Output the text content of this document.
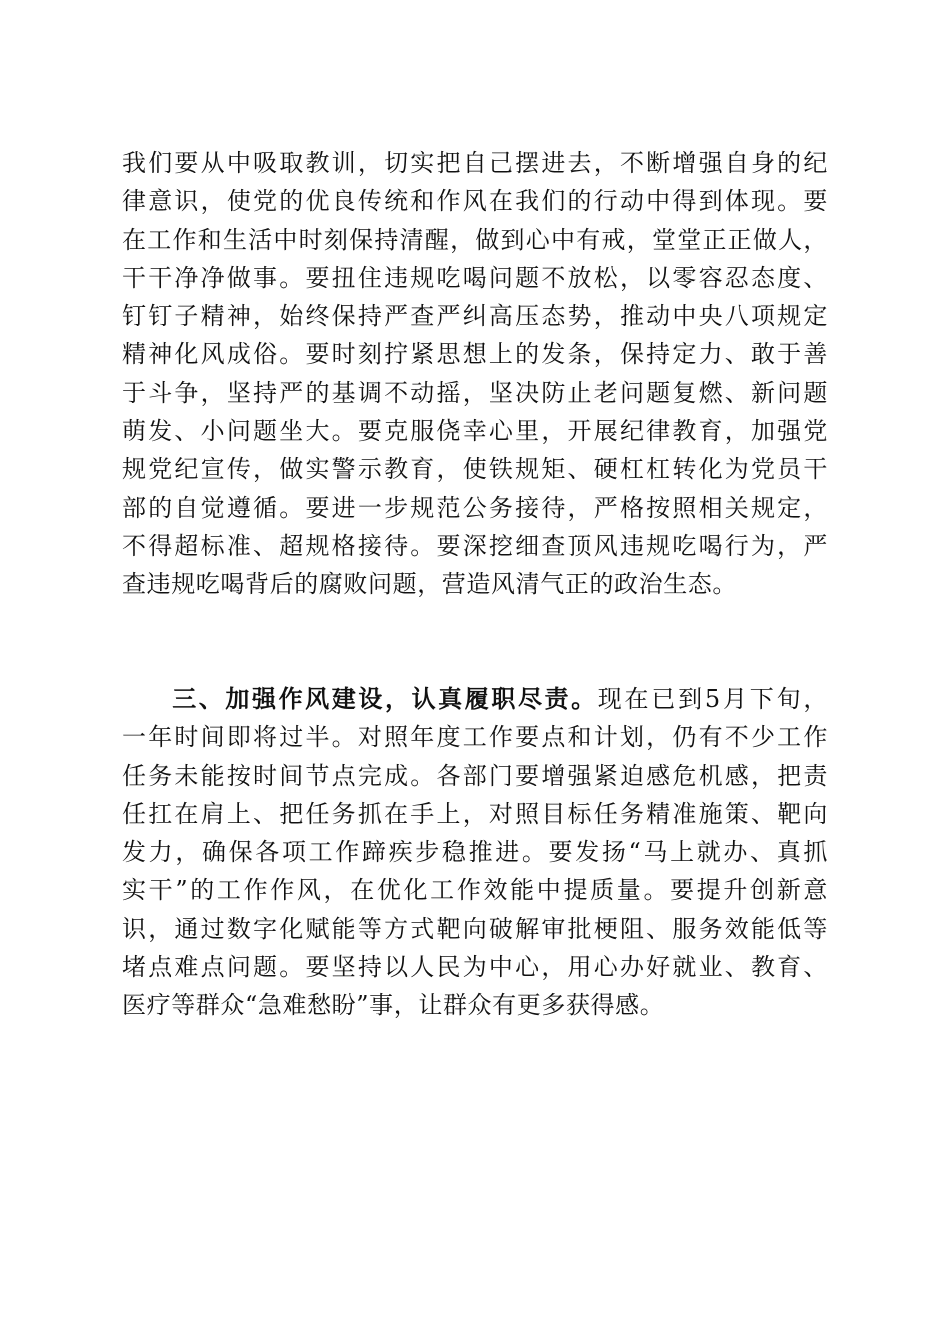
我们要从中吸取教训，切实把自己摆进去，不断增强自身的纪
律意识，使党的优良传统和作风在我们的行动中得到体现。要
在工作和生活中时刻保持清醒，做到心中有戒，堂堂正正做人，
干干净净做事。要扭住违规吃喝问题不放松，以零容忍态度、
钉钉子精神，始终保持严查严纠高压态势，推动中央八项规定
精神化风成俗。要时刻拧紧思想上的发条，保持定力、敢于善
于斗争，坚持严的基调不动摇，坚决防止老问题复燃、新问题
萌发、小问题坐大。要克服侥幸心里，开展纪律教育，加强党
规党纪宣传，做实警示教育，使铁规矩、硬杠杠转化为党员干
部的自觉遵循。要进一步规范公务接待，严格按照相关规定，
不得超标准、超规格接待。要深挖细查顶风违规吃喝行为，严
查违规吃喝背后的腐败问题，营造风清气正的政治生态。
三、加强作风建设，认真履职尽责。现在已到5月下旬，
一年时间即将过半。对照年度工作要点和计划，仍有不少工作
任务未能按时间节点完成。各部门要增强紧迫感危机感，把责
任扛在肩上、把任务抓在手上，对照目标任务精准施策、靶向
发力，确保各项工作蹄疾步稳推进。要发扬“马上就办、真抓
实干”的工作作风，在优化工作效能中提质量。要提升创新意
识，通过数字化赋能等方式靶向破解审批梗阻、服务效能低等
堵点难点问题。要坚持以人民为中心，用心办好就业、教育、
医疗等群众“急难愁盼”事，让群众有更多获得感。
